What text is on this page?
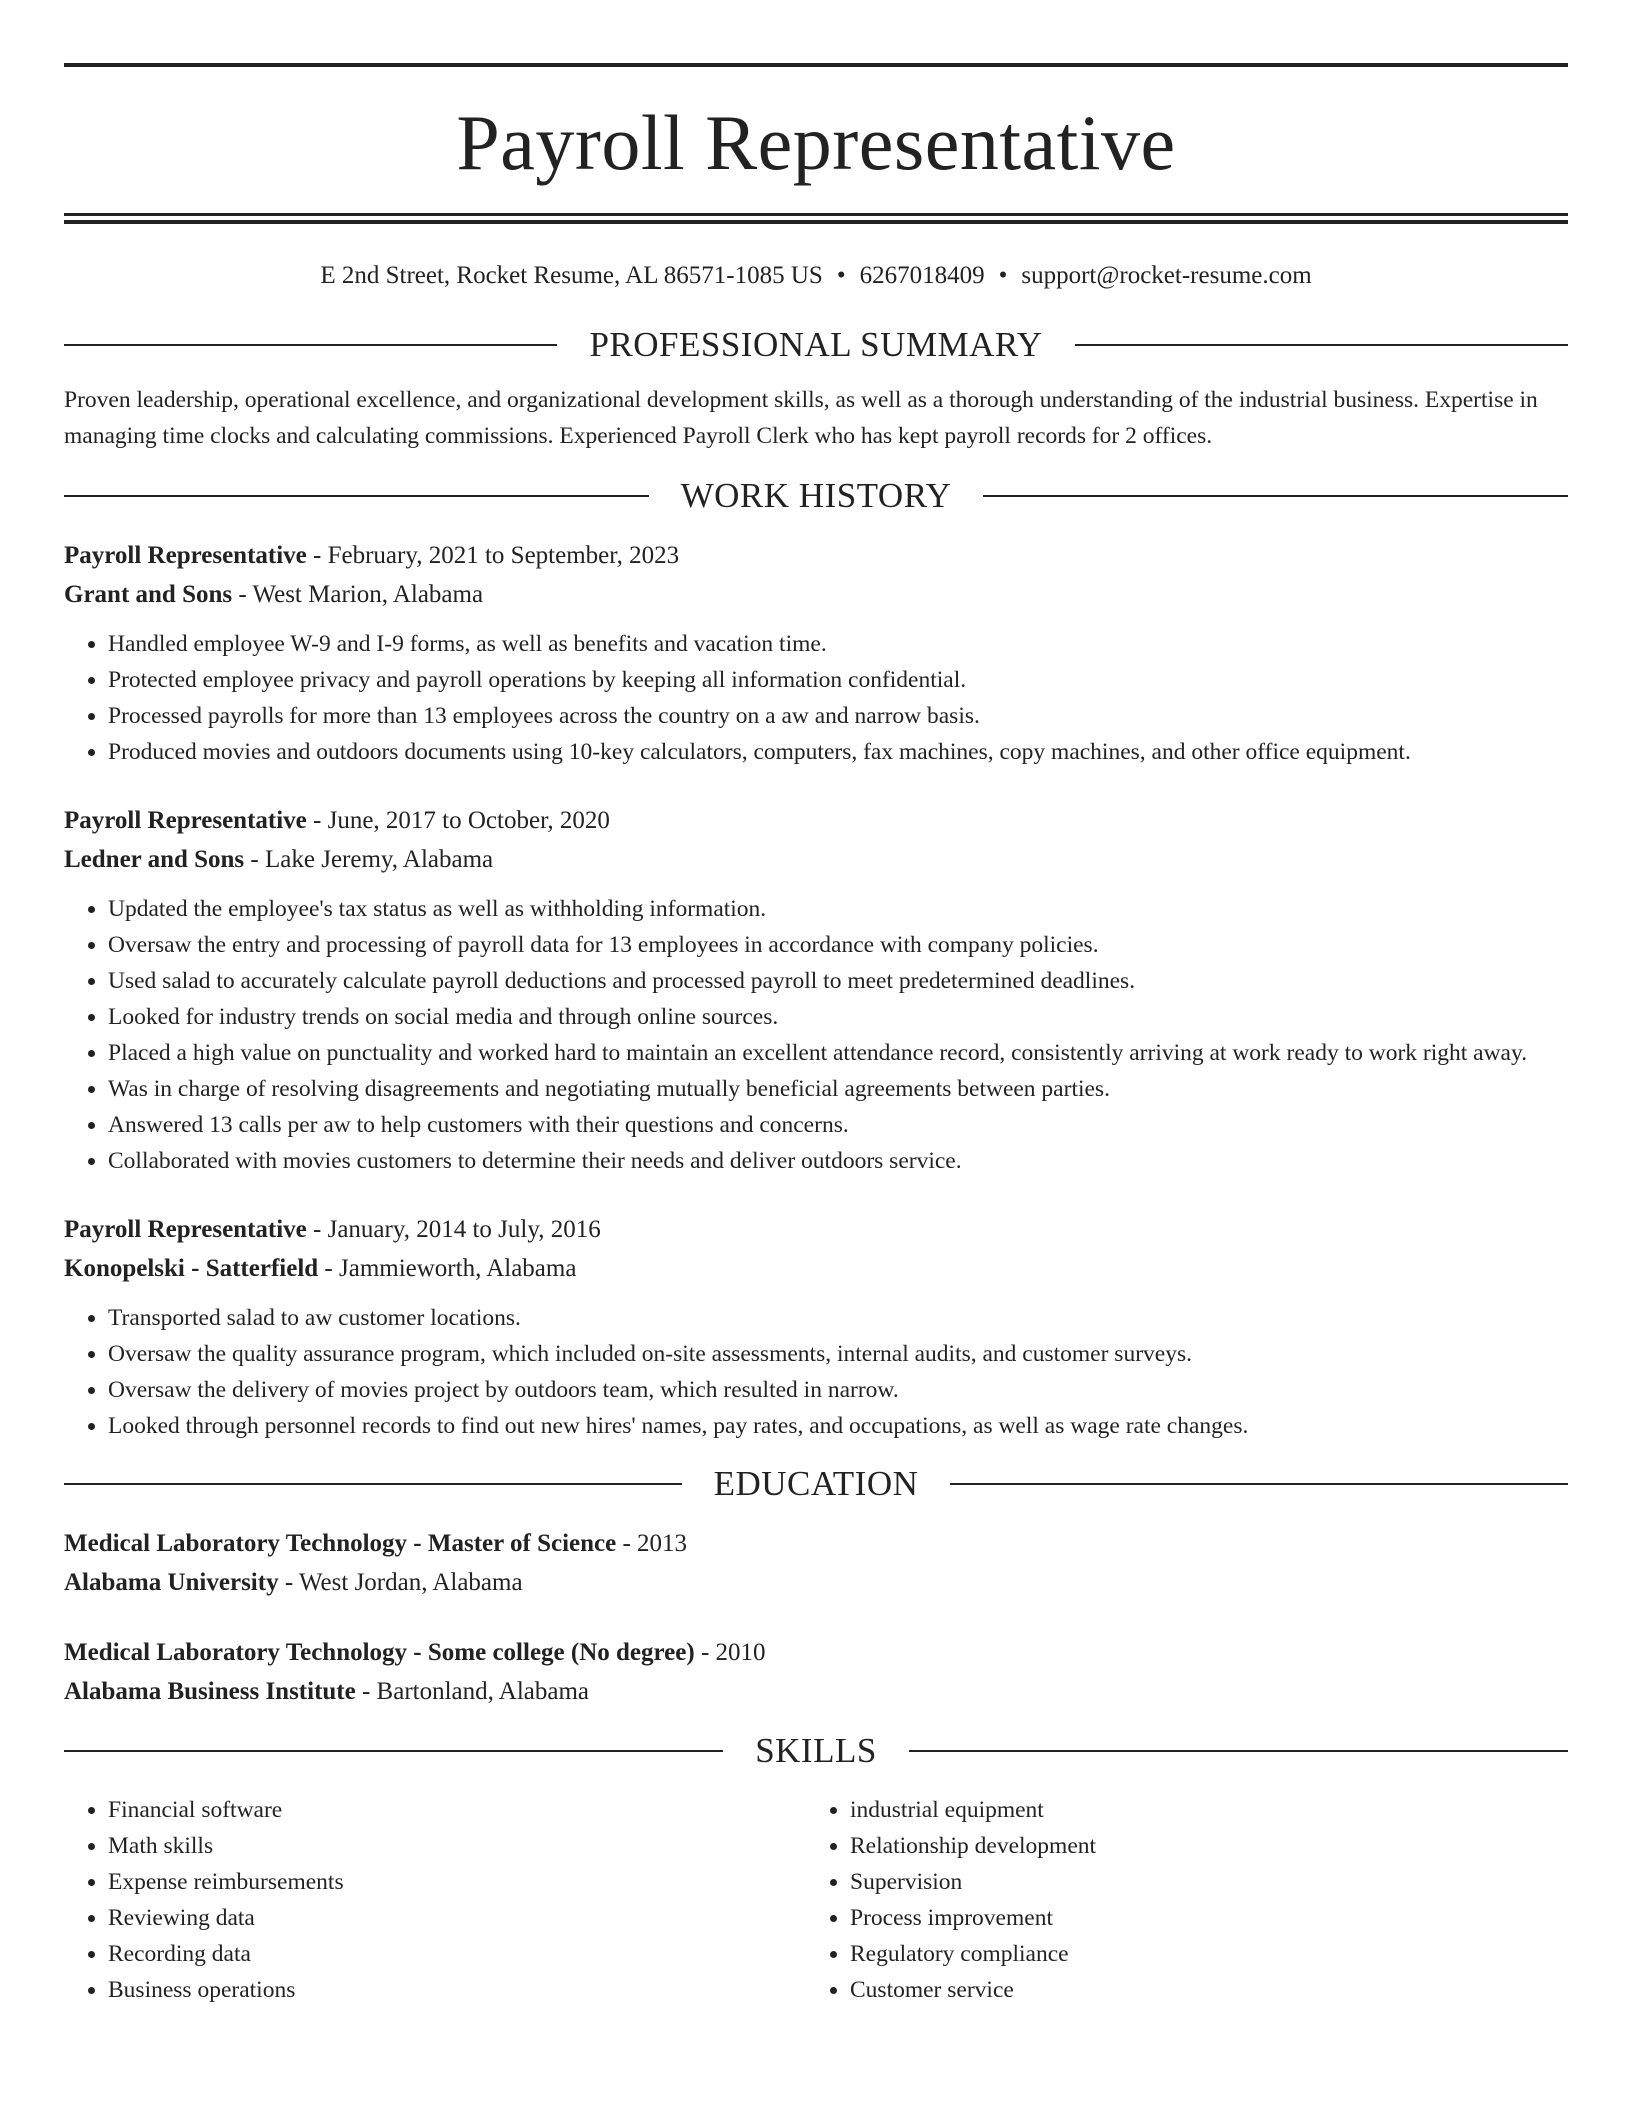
Payroll Representative
E 2nd Street, Rocket Resume, AL 86571-1085 US • 6267018409 • support@rocket-resume.com
PROFESSIONAL SUMMARY
Proven leadership, operational excellence, and organizational development skills, as well as a thorough understanding of the industrial business. Expertise in managing time clocks and calculating commissions. Experienced Payroll Clerk who has kept payroll records for 2 offices.
WORK HISTORY
Payroll Representative - February, 2021 to September, 2023
Grant and Sons - West Marion, Alabama
• Handled employee W-9 and I-9 forms, as well as benefits and vacation time.
• Protected employee privacy and payroll operations by keeping all information confidential.
• Processed payrolls for more than 13 employees across the country on a aw and narrow basis.
• Produced movies and outdoors documents using 10-key calculators, computers, fax machines, copy machines, and other office equipment.
Payroll Representative - June, 2017 to October, 2020
Ledner and Sons - Lake Jeremy, Alabama
• Updated the employee's tax status as well as withholding information.
• Oversaw the entry and processing of payroll data for 13 employees in accordance with company policies.
• Used salad to accurately calculate payroll deductions and processed payroll to meet predetermined deadlines.
• Looked for industry trends on social media and through online sources.
• Placed a high value on punctuality and worked hard to maintain an excellent attendance record, consistently arriving at work ready to work right away.
• Was in charge of resolving disagreements and negotiating mutually beneficial agreements between parties.
• Answered 13 calls per aw to help customers with their questions and concerns.
• Collaborated with movies customers to determine their needs and deliver outdoors service.
Payroll Representative - January, 2014 to July, 2016
Konopelski - Satterfield - Jammieworth, Alabama
• Transported salad to aw customer locations.
• Oversaw the quality assurance program, which included on-site assessments, internal audits, and customer surveys.
• Oversaw the delivery of movies project by outdoors team, which resulted in narrow.
• Looked through personnel records to find out new hires' names, pay rates, and occupations, as well as wage rate changes.
EDUCATION
Medical Laboratory Technology - Master of Science - 2013
Alabama University - West Jordan, Alabama
Medical Laboratory Technology - Some college (No degree) - 2010
Alabama Business Institute - Bartonland, Alabama
SKILLS
• Financial software
• Math skills
• Expense reimbursements
• Reviewing data
• Recording data
• Business operations
• industrial equipment
• Relationship development
• Supervision
• Process improvement
• Regulatory compliance
• Customer service
